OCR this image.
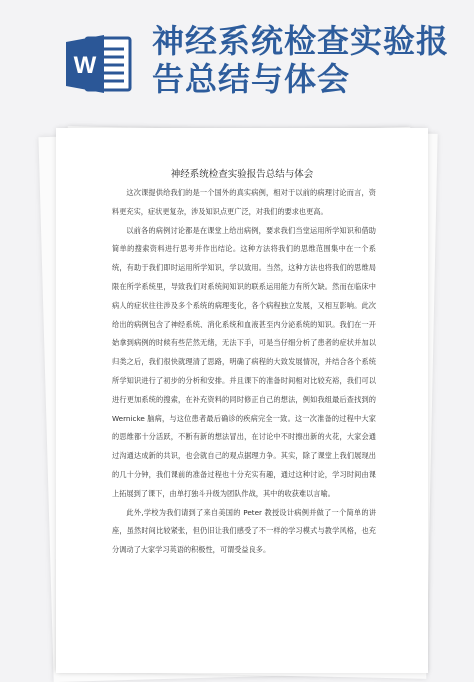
W
神经系统检查实验报告总结与体会
神经系统检查实验报告总结与体会

这次课提供给我们的是一个国外的真实病例，相对于以前的病理讨论而言，资料更充实，症状更复杂，涉及知识点更广泛，对我们的要求也更高。

以前各的病例讨论都是在课堂上给出病例，要求我们当堂运用所学知识和借助简单的搜索资料进行思考并作出结论。这种方法将我们的思维范围集中在一个系统，有助于我们即时运用所学知识，学以致用。当然，这种方法也将我们的思维局限在所学系统里，导致我们对系统间知识的联系运用能力有所欠缺。然而在临床中病人的症状往往涉及多个系统的病理变化，各个病程独立发展，又相互影响。此次给出的病例包含了神经系统、消化系统和血液甚至内分泌系统的知识。我们在一开始拿到病例的时候有些茫然无绪，无法下手，可是当仔细分析了患者的症状并加以归类之后，我们很快就理清了思路，明确了病程的大致发展情况，并结合各个系统所学知识进行了初步的分析和安排。并且课下的准备时间相对比较充裕，我们可以进行更加系统的搜索，在补充资料的同时修正自己的想法，例如我组最后查找到的 Wernicke 脑病，与这位患者最后确诊的疾病完全一致。这一次准备的过程中大家的思维都十分活跃，不断有新的想法冒出，在讨论中不时擦出新的火花，大家会通过沟通达成新的共识，也会就自己的观点据理力争。其实，除了课堂上我们展现出的几十分钟，我们课前的准备过程也十分充实有趣，通过这种讨论，学习时间由课上拓展到了课下，由单打独斗升级为团队作战，其中的收获难以言喻。

此外,学校为我们请到了来自美国的 Peter 教授设计病例并做了一个简单的讲座，虽然时间比较紧张，但仍旧让我们感受了不一样的学习模式与教学风格，也充分调动了大家学习英语的积极性，可谓受益良多。
